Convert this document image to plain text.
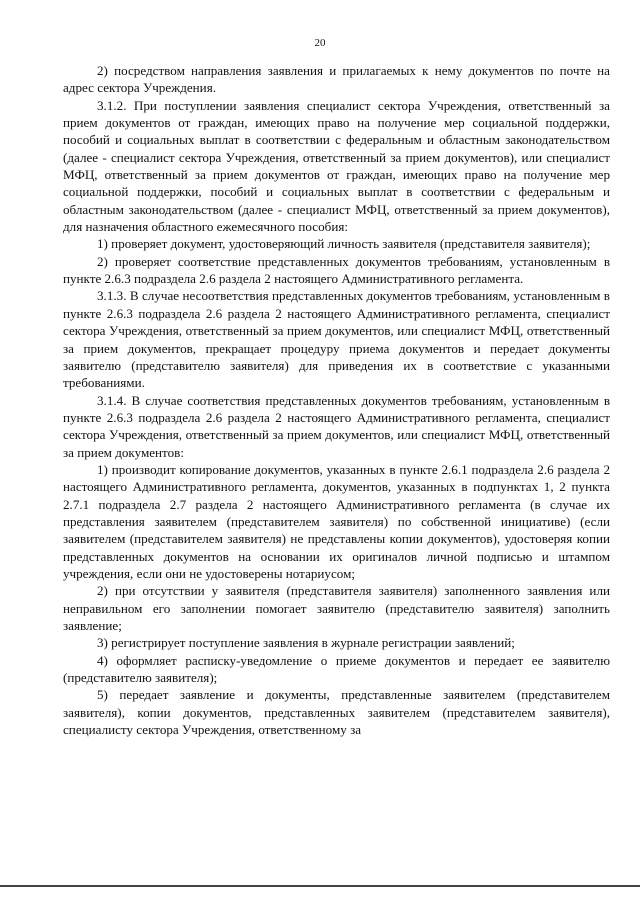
20

2) посредством направления заявления и прилагаемых к нему документов по почте на адрес сектора Учреждения.

3.1.2. При поступлении заявления специалист сектора Учреждения, ответственный за прием документов от граждан, имеющих право на получение мер социальной поддержки, пособий и социальных выплат в соответствии с федеральным и областным законодательством (далее - специалист сектора Учреждения, ответственный за прием документов), или специалист МФЦ, ответственный за прием документов от граждан, имеющих право на получение мер социальной поддержки, пособий и социальных выплат в соответствии с федеральным и областным законодательством (далее - специалист МФЦ, ответственный за прием документов), для назначения областного ежемесячного пособия:

1) проверяет документ, удостоверяющий личность заявителя (представителя заявителя);

2) проверяет соответствие представленных документов требованиям, установленным в пункте 2.6.3 подраздела 2.6 раздела 2 настоящего Административного регламента.

3.1.3. В случае несоответствия представленных документов требованиям, установленным в пункте 2.6.3 подраздела 2.6 раздела 2 настоящего Административного регламента, специалист сектора Учреждения, ответственный за прием документов, или специалист МФЦ, ответственный за прием документов, прекращает процедуру приема документов и передает документы заявителю (представителю заявителя) для приведения их в соответствие с указанными требованиями.

3.1.4. В случае соответствия представленных документов требованиям, установленным в пункте 2.6.3 подраздела 2.6 раздела 2 настоящего Административного регламента, специалист сектора Учреждения, ответственный за прием документов, или специалист МФЦ, ответственный за прием документов:

1) производит копирование документов, указанных в пункте 2.6.1 подраздела 2.6 раздела 2 настоящего Административного регламента, документов, указанных в подпунктах 1, 2 пункта 2.7.1 подраздела 2.7 раздела 2 настоящего Административного регламента (в случае их представления заявителем (представителем заявителя) по собственной инициативе) (если заявителем (представителем заявителя) не представлены копии документов), удостоверяя копии представленных документов на основании их оригиналов личной подписью и штампом учреждения, если они не удостоверены нотариусом;

2) при отсутствии у заявителя (представителя заявителя) заполненного заявления или неправильном его заполнении помогает заявителю (представителю заявителя) заполнить заявление;

3) регистрирует поступление заявления в журнале регистрации заявлений;

4) оформляет расписку-уведомление о приеме документов и передает ее заявителю (представителю заявителя);

5) передает заявление и документы, представленные заявителем (представителем заявителя), копии документов, представленных заявителем (представителем заявителя), специалисту сектора Учреждения, ответственному за
